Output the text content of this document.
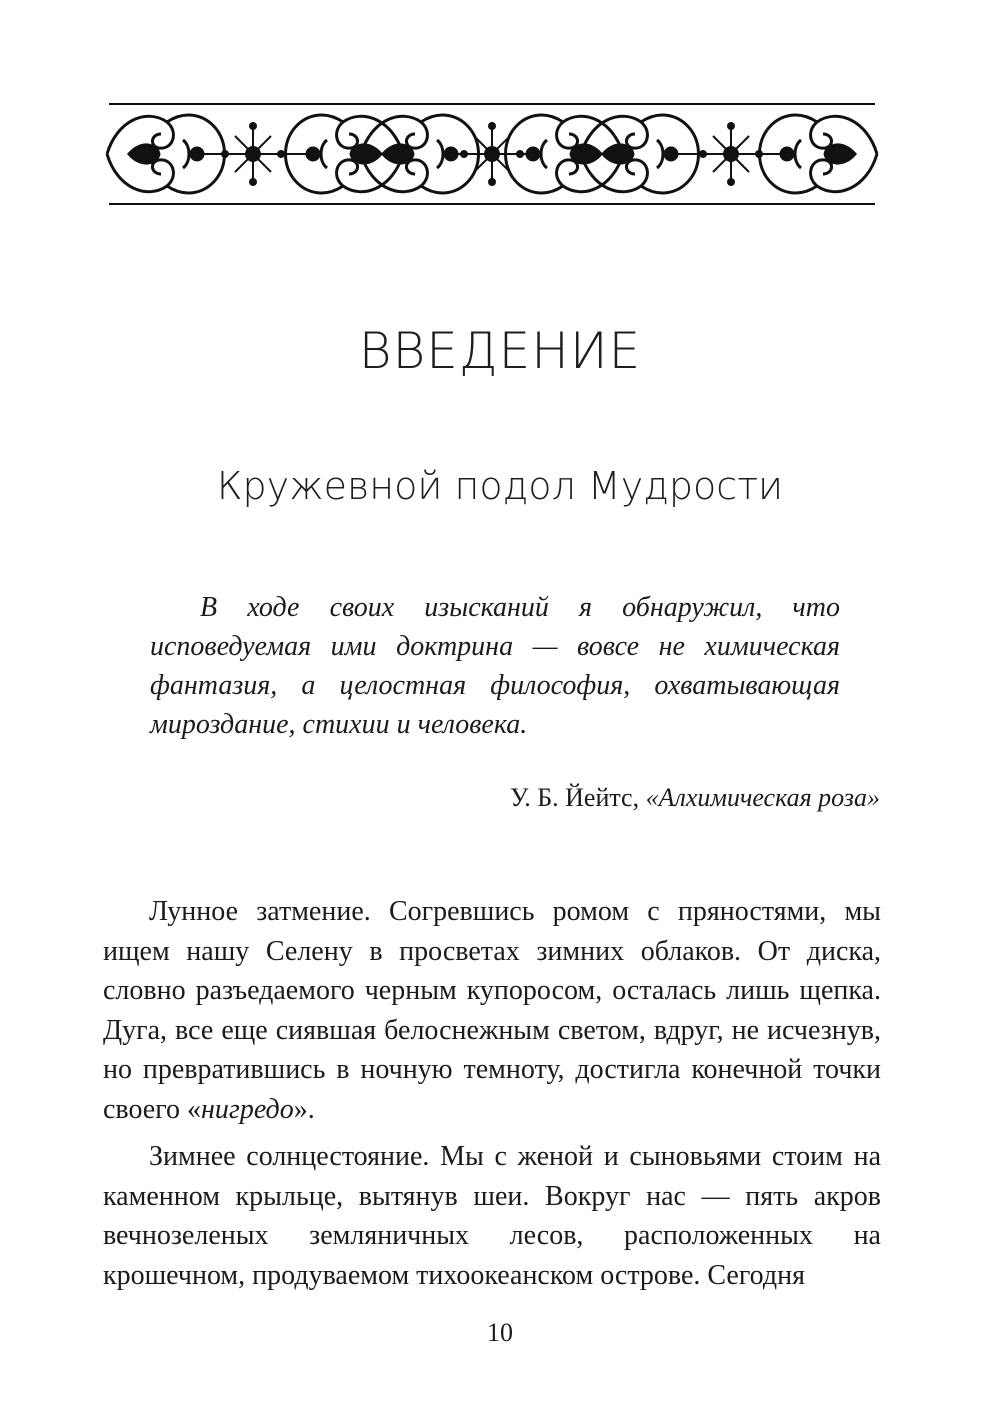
ВВЕДЕНИЕ
Кружевной подол Мудрости

В ходе своих изысканий я обнаружил, что исповедуемая ими доктрина — вовсе не химическая фантазия, а целостная философия, охватывающая мироздание, стихии и человека.

У. Б. Йейтс, «Алхимическая роза»

Лунное затмение. Согревшись ромом с пряностями, мы ищем нашу Селену в просветах зимних облаков. От диска, словно разъедаемого черным купоросом, осталась лишь щепка. Дуга, все еще сиявшая белоснежным светом, вдруг, не исчезнув, но превратившись в ночную темноту, достигла конечной точки своего «нигредо».

Зимнее солнцестояние. Мы с женой и сыновьями стоим на каменном крыльце, вытянув шеи. Вокруг нас — пять акров вечнозеленых земляничных лесов, расположенных на крошечном, продуваемом тихоокеанском острове. Сегодня

10
